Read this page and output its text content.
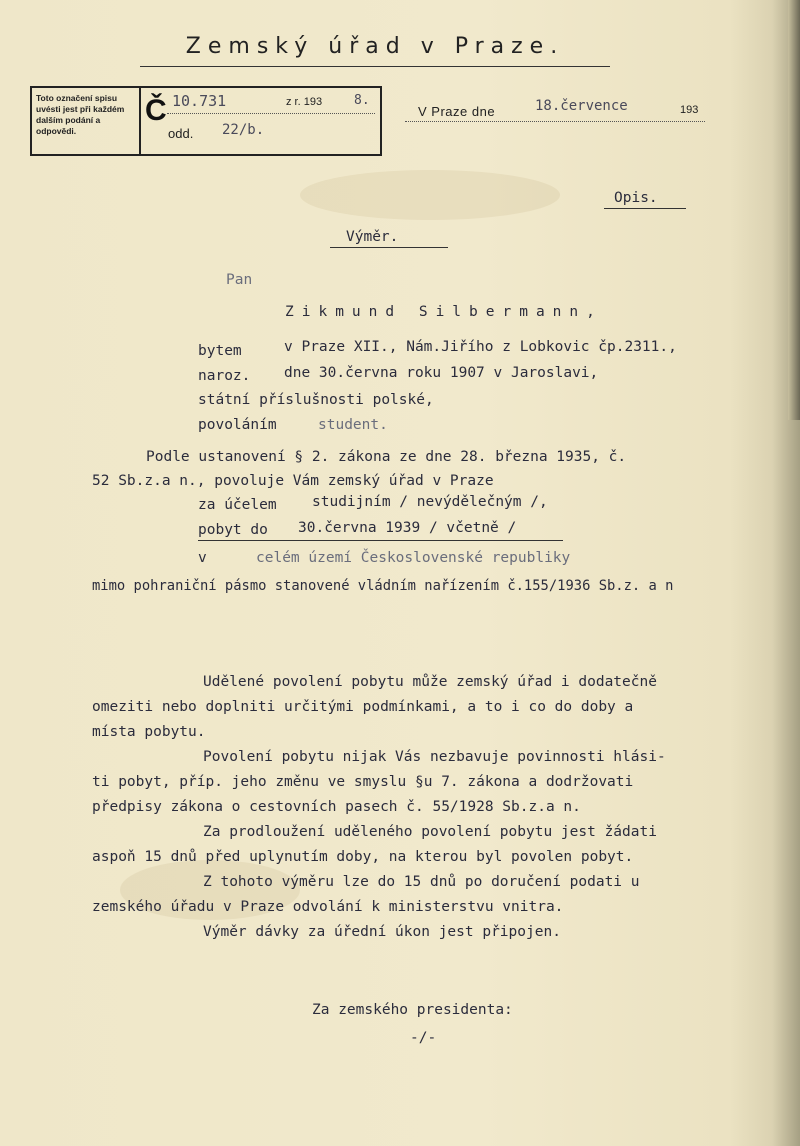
Zemský úřad v Praze.
Toto označení spisu uvésti jest při každém dalším podání a odpovědi.
Č 10.731	z r. 193 8.
odd. 22/b.
V Praze dne	18.července	193
Opis.
Výměr.
Pan
Zikmund Silbermann,
bytem	v Praze XII., Nám.Jiřího z Lobkovic čp.2311.,
naroz. dne 30.června roku 1907 v Jaroslavi,
státní příslušnosti polské,
povoláním	student.
Podle ustanovení § 2. zákona ze dne 28. března 1935, č.
52 Sb.z.a n., povoluje Vám zemský úřad v Praze
za účelem studijním / nevýdělečným /,
pobyt do 30.června 1939 / včetně /
v	celém území Československé republiky
mimo pohraniční pásmo stanovené vládním nařízením č.155/1936 Sb.z. a n
Udělené povolení pobytu může zemský úřad i dodatečně
omeziti nebo doplniti určitými podmínkami, a to i co do doby a
místa pobytu.
Povolení pobytu nijak Vás nezbavuje povinnosti hlási-
ti pobyt, příp. jeho změnu ve smyslu §u 7. zákona a dodržovati
předpisy zákona o cestovních pasech č. 55/1928 Sb.z.a n.
Za prodloužení uděleného povolení pobytu jest žádati
aspoň 15 dnů před uplynutím doby, na kterou byl povolen pobyt.
Z tohoto výměru lze do 15 dnů po doručení podati u
zemského úřadu v Praze odvolání k ministerstvu vnitra.
Výměr dávky za úřední úkon jest připojen.
Za zemského presidenta:
-/-
